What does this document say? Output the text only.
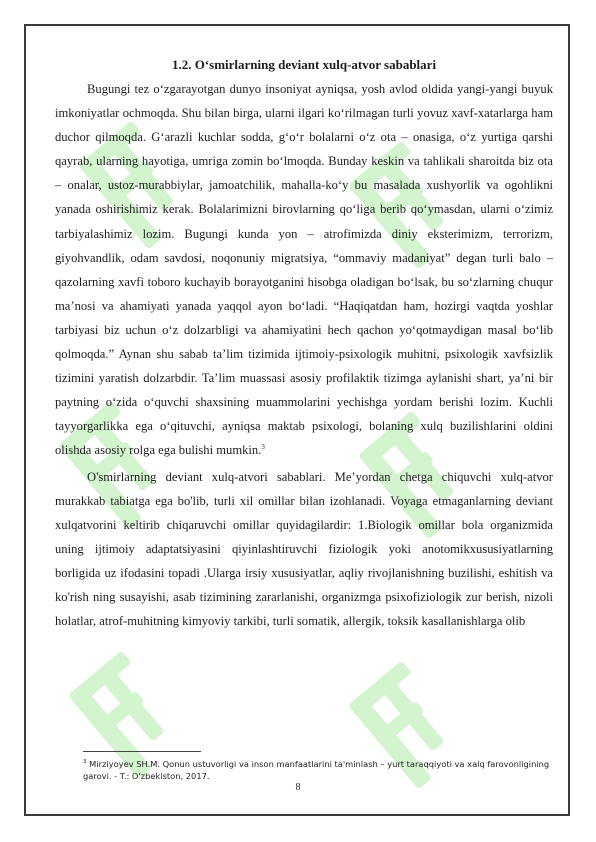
1.2. O‘smirlarning deviant xulq-atvor sabablari

Bugungi tez o‘zgarayotgan dunyo insoniyat ayniqsa, yosh avlod oldida yangi-yangi buyuk imkoniyatlar ochmoqda. Shu bilan birga, ularni ilgari ko‘rilmagan turli yovuz xavf-xatarlarga ham duchor qilmoqda. G‘arazli kuchlar sodda, g‘o‘r bolalarni o‘z ota – onasiga, o‘z yurtiga qarshi qayrab, ularning hayotiga, umriga zomin bo‘lmoqda. Bunday keskin va tahlikali sharoitda biz ota – onalar, ustoz-murabbiylar, jamoatchilik, mahalla-ko‘y bu masalada xushyorlik va ogohlikni yanada oshirishimiz kerak. Bolalarimizni birovlarning qo‘liga berib qo‘ymasdan, ularni o‘zimiz tarbiyalashimiz lozim. Bugungi kunda yon – atrofimizda diniy eksterimizm, terrorizm, giyohvandlik, odam savdosi, noqonuniy migratsiya, “ommaviy madaniyat” degan turli balo – qazolarning xavfi toboro kuchayib borayotganini hisobga oladigan bo‘lsak, bu so‘zlarning chuqur ma’nosi va ahamiyati yanada yaqqol ayon bo‘ladi. “Haqiqatdan ham, hozirgi vaqtda yoshlar tarbiyasi biz uchun o‘z dolzarbligi va ahamiyatini hech qachon yo‘qotmaydigan masal bo‘lib qolmoqda.” Aynan shu sabab ta’lim tizimida ijtimoiy-psixologik muhitni, psixologik xavfsizlik tizimini yaratish dolzarbdir. Ta’lim muassasi asosiy profilaktik tizimga aylanishi shart, ya’ni bir paytning o‘zida o‘quvchi shaxsining muammolarini yechishga yordam berishi lozim. Kuchli tayyorgarlikka ega o‘qituvchi, ayniqsa maktab psixologi, bolaning xulq buzilishlarini oldini olishda asosiy rolga ega bulishi mumkin.$^3$

O'smirlarning deviant xulq-atvori sabablari. Me’yordan chetga chiquvchi xulq-atvor murakkab tabiatga ega bo'lib, turli xil omillar bilan izohlanadi. Voyaga etmaganlarning deviant xulqatvorini keltirib chiqaruvchi omillar quyidagilardir: 1.Biologik omillar bola organizmida uning ijtimoiy adaptatsiyasini qiyinlashtiruvchi fiziologik yoki anotomikxususiyatlarning borligida uz ifodasini topadi .Ularga irsiy xususiyatlar, aqliy rivojlanishning buzilishi, eshitish va ko'rish ning susayishi, asab tizimining zararlanishi, organizmga psixofiziologik zur berish, nizoli holatlar, atrof-muhitning kimyoviy tarkibi, turli somatik, allergik, toksik kasallanishlarga olib

$^3$ Mirziyoyev SH.M. Qonun ustuvorligi va inson manfaatlarini ta'minlash – yurt taraqqiyoti va xalq farovonligining garovi. - T.: O'zbekiston, 2017.
8
